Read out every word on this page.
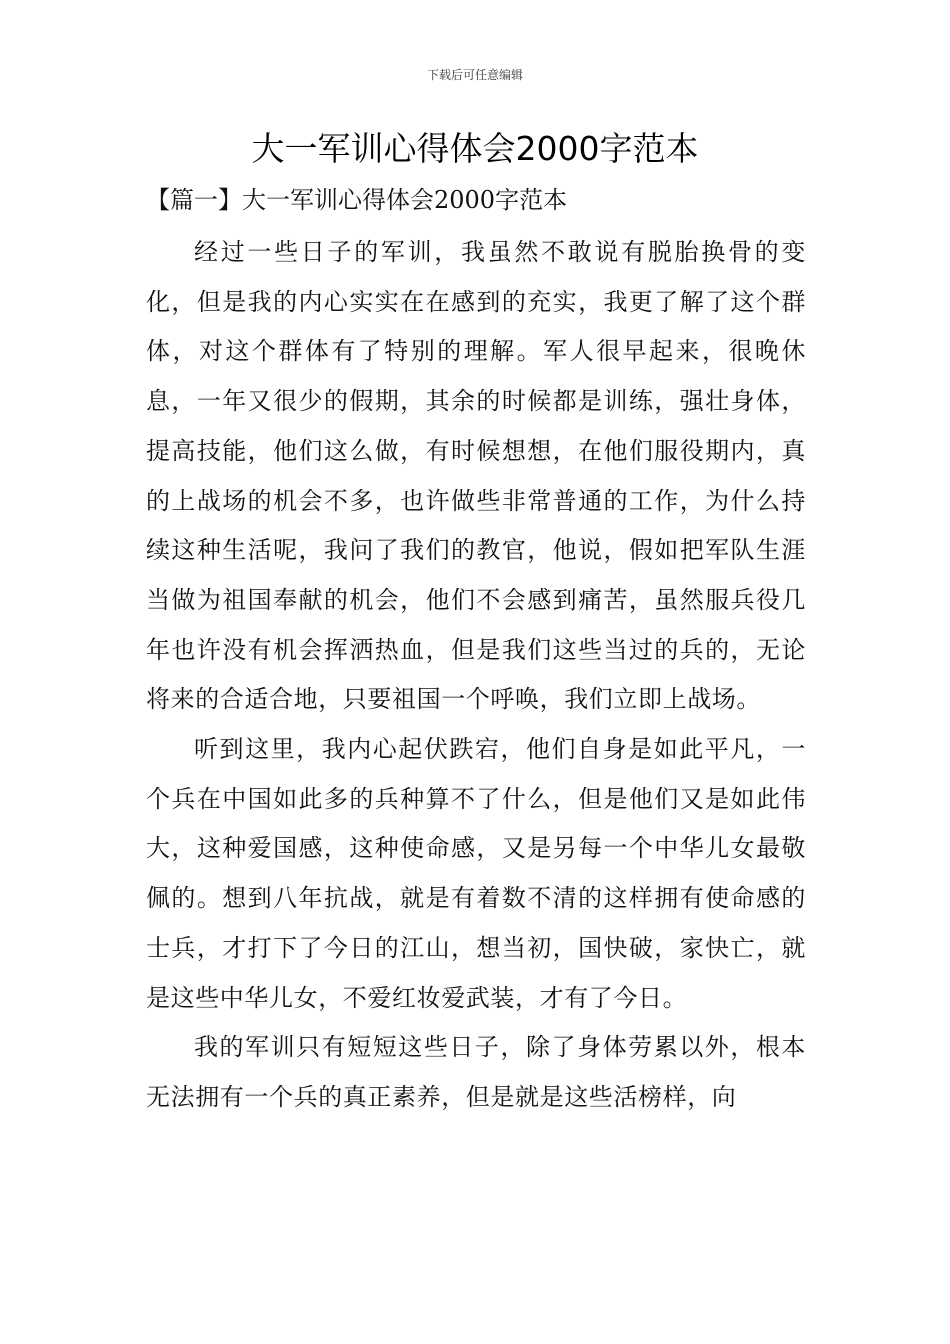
下载后可任意编辑
大一军训心得体会2000字范本
【篇一】大一军训心得体会2000字范本

经过一些日子的军训，我虽然不敢说有脱胎换骨的变化，但是我的内心实实在在感到的充实，我更了解了这个群体，对这个群体有了特别的理解。军人很早起来，很晚休息，一年又很少的假期，其余的时候都是训练，强壮身体，提高技能，他们这么做，有时候想想，在他们服役期内，真的上战场的机会不多，也许做些非常普通的工作，为什么持续这种生活呢，我问了我们的教官，他说，假如把军队生涯当做为祖国奉献的机会，他们不会感到痛苦，虽然服兵役几年也许没有机会挥洒热血，但是我们这些当过的兵的，无论将来的合适合地，只要祖国一个呼唤，我们立即上战场。

听到这里，我内心起伏跌宕，他们自身是如此平凡，一个兵在中国如此多的兵种算不了什么，但是他们又是如此伟大，这种爱国感，这种使命感，又是另每一个中华儿女最敬佩的。想到八年抗战，就是有着数不清的这样拥有使命感的士兵，才打下了今日的江山，想当初，国快破，家快亡，就是这些中华儿女，不爱红妆爱武装，才有了今日。

我的军训只有短短这些日子，除了身体劳累以外，根本无法拥有一个兵的真正素养，但是就是这些活榜样，向
